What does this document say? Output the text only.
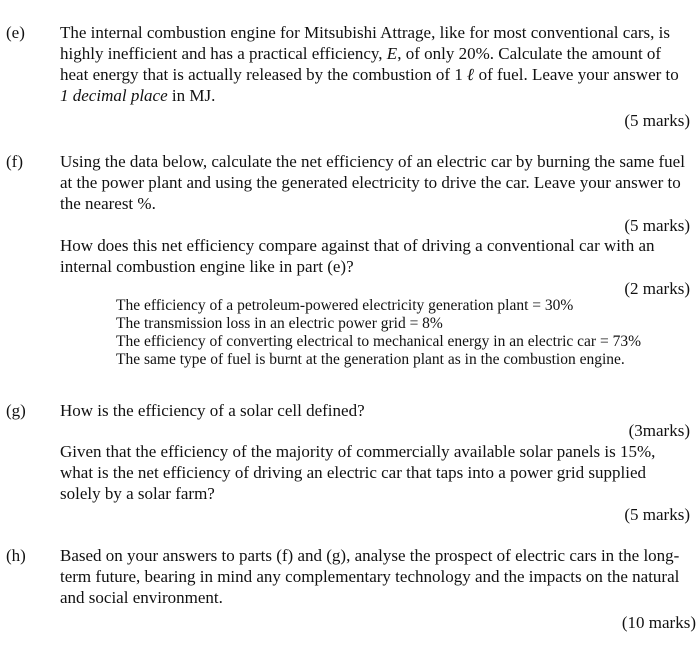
(e) The internal combustion engine for Mitsubishi Attrage, like for most conventional cars, is highly inefficient and has a practical efficiency, E, of only 20%. Calculate the amount of heat energy that is actually released by the combustion of 1 ℓ of fuel. Leave your answer to 1 decimal place in MJ.

(5 marks)
(f) Using the data below, calculate the net efficiency of an electric car by burning the same fuel at the power plant and using the generated electricity to drive the car. Leave your answer to the nearest %.

(5 marks)

How does this net efficiency compare against that of driving a conventional car with an internal combustion engine like in part (e)?

(2 marks)
The efficiency of a petroleum-powered electricity generation plant = 30%
The transmission loss in an electric power grid = 8%
The efficiency of converting electrical to mechanical energy in an electric car = 73%
The same type of fuel is burnt at the generation plant as in the combustion engine.
(g) How is the efficiency of a solar cell defined?

(3marks)

Given that the efficiency of the majority of commercially available solar panels is 15%, what is the net efficiency of driving an electric car that taps into a power grid supplied solely by a solar farm?

(5 marks)
(h) Based on your answers to parts (f) and (g), analyse the prospect of electric cars in the long-term future, bearing in mind any complementary technology and the impacts on the natural and social environment.

(10 marks)
